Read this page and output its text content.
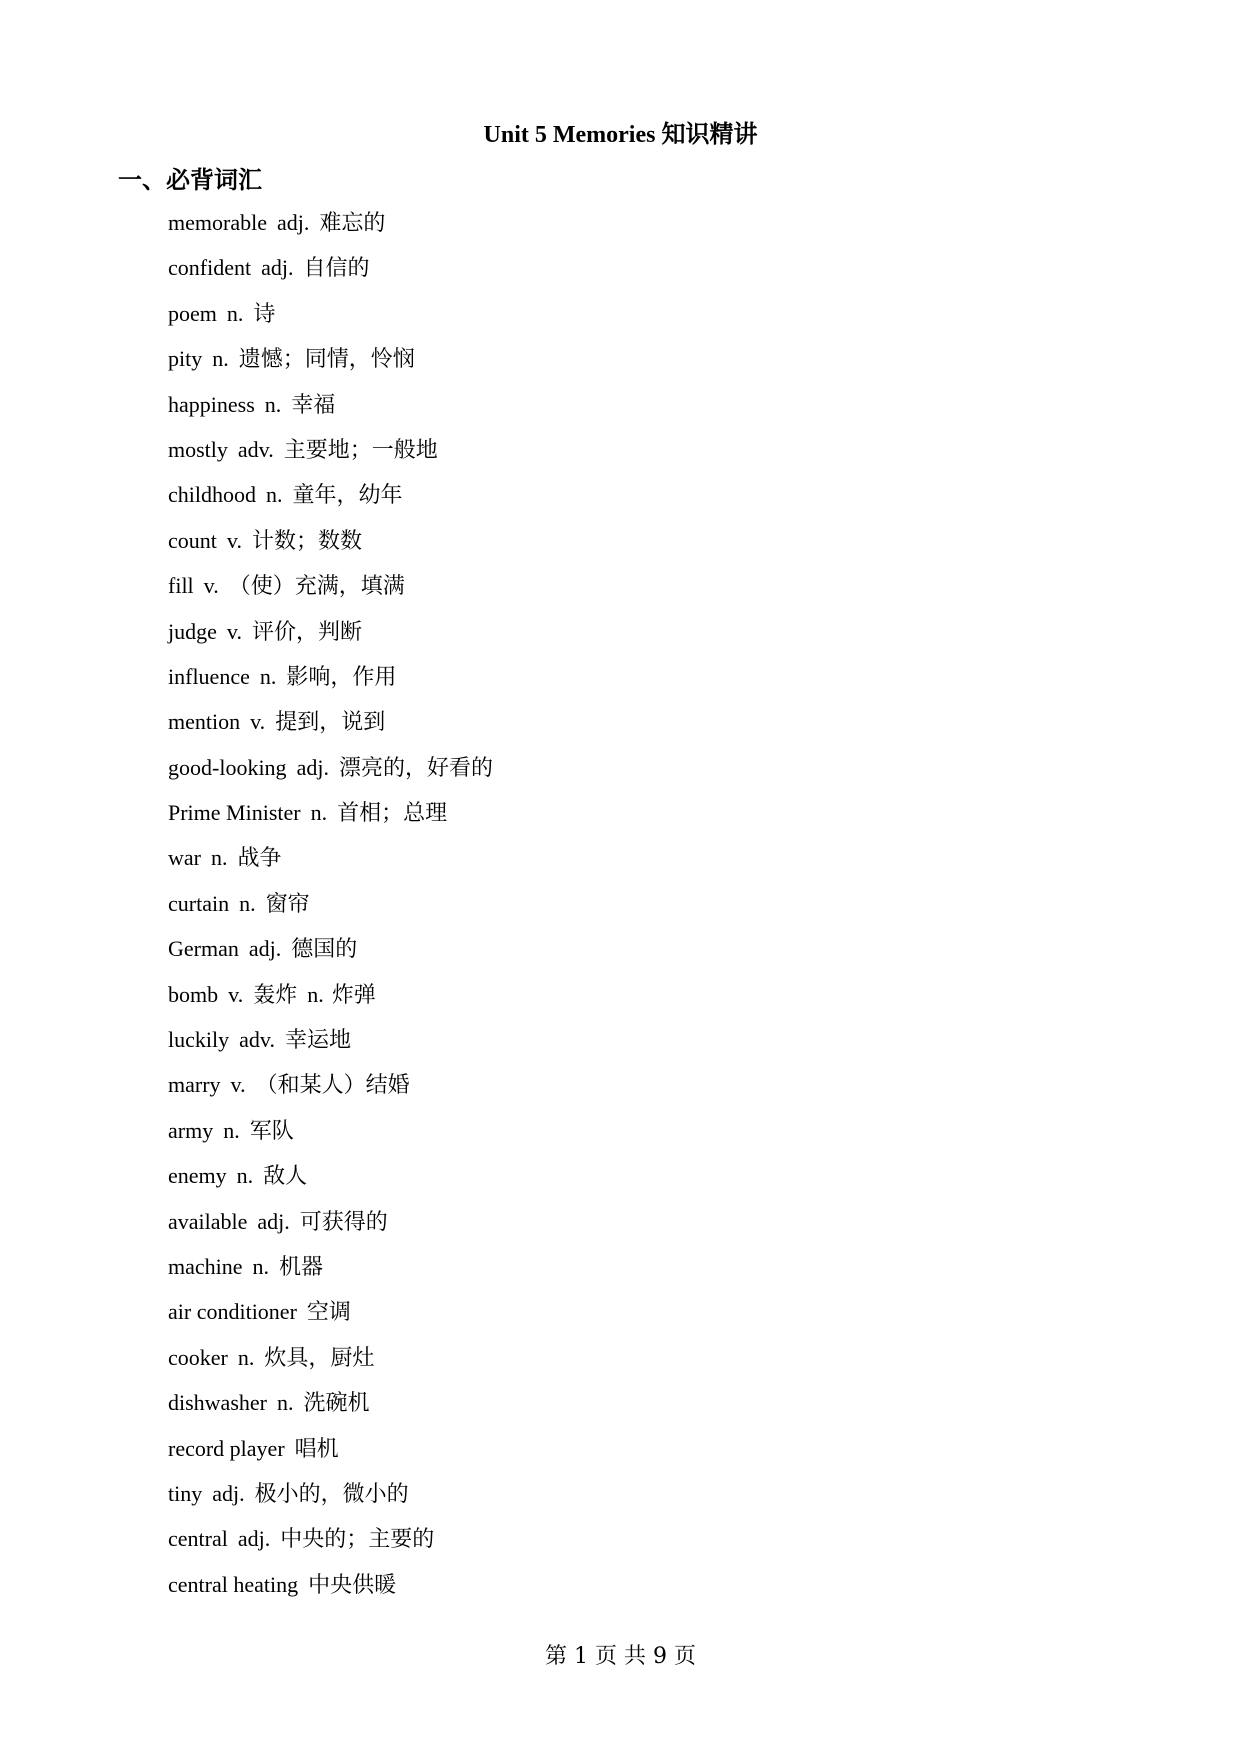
Unit 5 Memories 知识精讲
一、必背词汇
memorable adj. 难忘的
confident adj. 自信的
poem n. 诗
pity n. 遗憾；同情，怜悯
happiness n. 幸福
mostly adv. 主要地；一般地
childhood n. 童年，幼年
count v. 计数；数数
fill v. （使）充满，填满
judge v. 评价，判断
influence n. 影响，作用
mention v. 提到，说到
good-looking adj. 漂亮的，好看的
Prime Minister n. 首相；总理
war n. 战争
curtain n. 窗帘
German adj. 德国的
bomb v. 轰炸 n. 炸弹
luckily adv. 幸运地
marry v. （和某人）结婚
army n. 军队
enemy n. 敌人
available adj. 可获得的
machine n. 机器
air conditioner 空调
cooker n. 炊具，厨灶
dishwasher n. 洗碗机
record player 唱机
tiny adj. 极小的，微小的
central adj. 中央的；主要的
central heating 中央供暖
第 1 页 共 9 页
